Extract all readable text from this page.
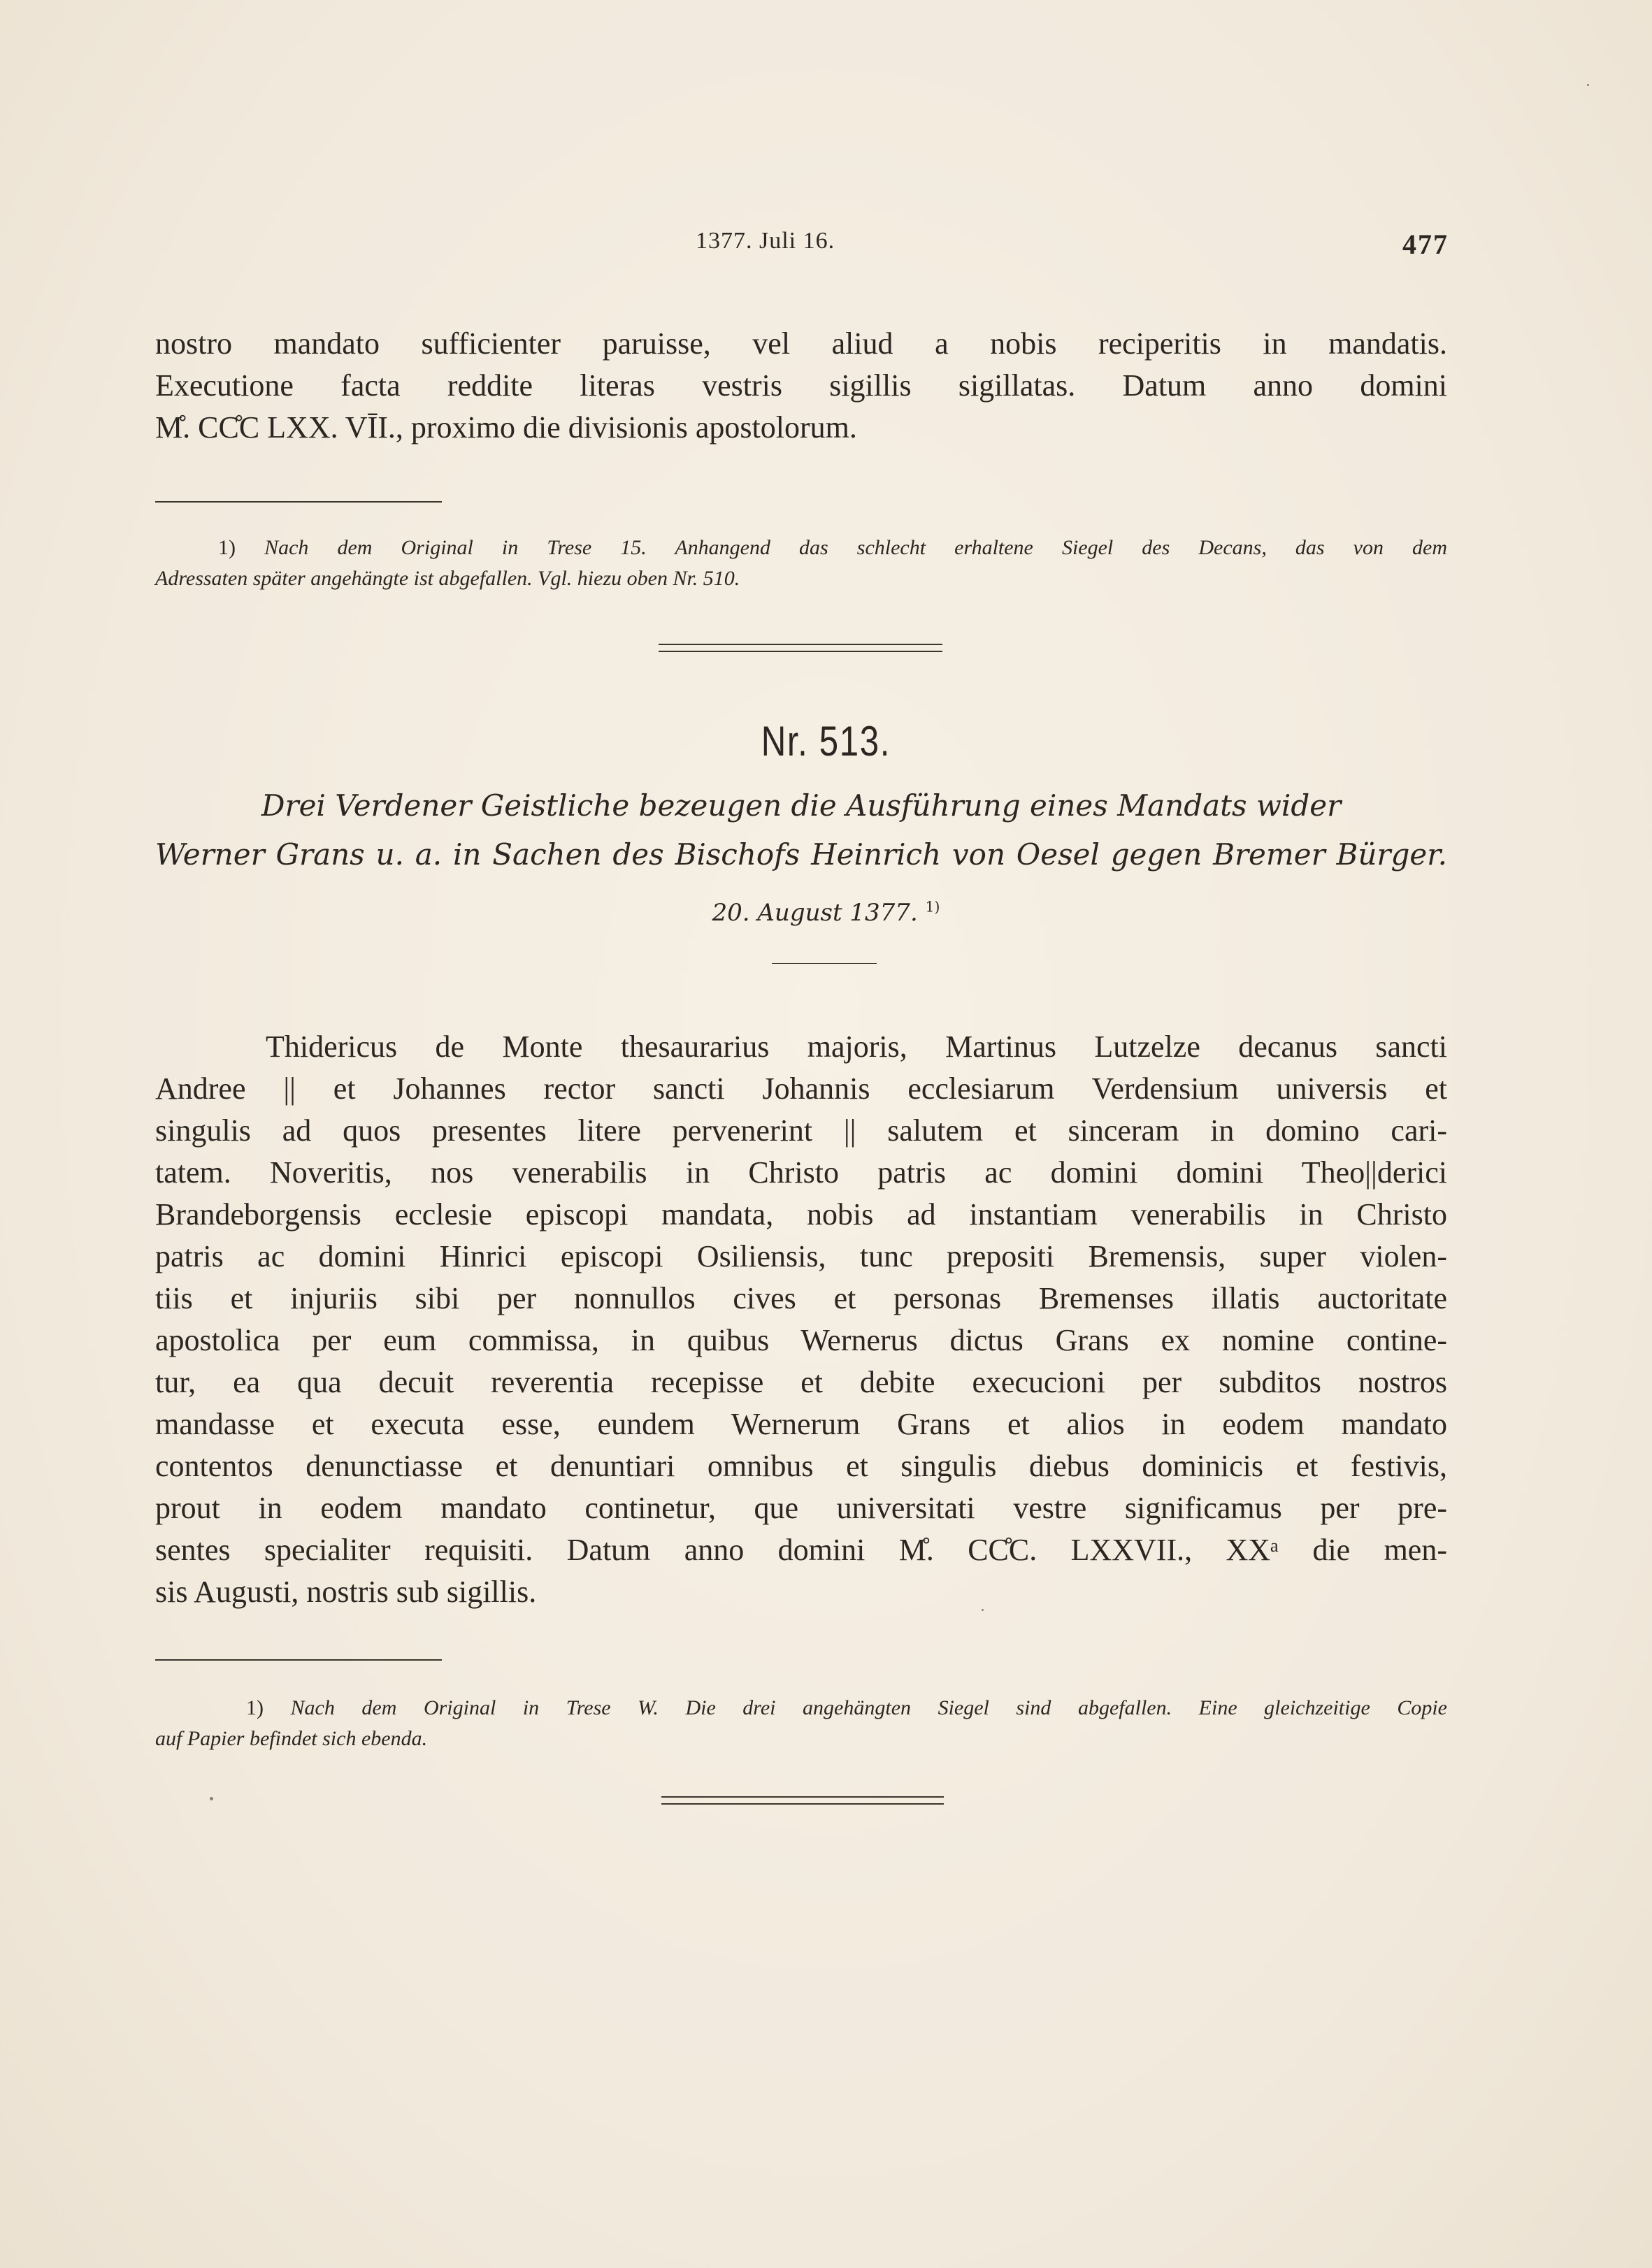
1377. Juli 16.	477
nostro mandato sufficienter paruisse, vel aliud a nobis reciperitis in mandatis.
Executione facta reddite literas vestris sigillis sigillatas. Datum anno domini
M̊. CC̊C LXX. VĪI., proximo die divisionis apostolorum.
1) Nach dem Original in Trese 15. Anhangend das schlecht erhaltene Siegel des Decans, das von dem
Adressaten später angehängte ist abgefallen. Vgl. hiezu oben Nr. 510.
Nr. 513.
Drei Verdener Geistliche bezeugen die Ausführung eines Mandats wider
Werner Grans u. a. in Sachen des Bischofs Heinrich von Oesel gegen Bremer Bürger.
20. August 1377. $^{1)}$
Thidericus de Monte thesaurarius majoris, Martinus Lutzelze decanus sancti
Andree || et Johannes rector sancti Johannis ecclesiarum Verdensium universis et
singulis ad quos presentes litere pervenerint || salutem et sinceram in domino cari-
tatem. Noveritis, nos venerabilis in Christo patris ac domini domini Theo||derici
Brandeborgensis ecclesie episcopi mandata, nobis ad instantiam venerabilis in Christo
patris ac domini Hinrici episcopi Osiliensis, tunc prepositi Bremensis, super violen-
tiis et injuriis sibi per nonnullos cives et personas Bremenses illatis auctoritate
apostolica per eum commissa, in quibus Wernerus dictus Grans ex nomine contine-
tur, ea qua decuit reverentia recepisse et debite execucioni per subditos nostros
mandasse et executa esse, eundem Wernerum Grans et alios in eodem mandato
contentos denunctiasse et denuntiari omnibus et singulis diebus dominicis et festivis,
prout in eodem mandato continetur, que universitati vestre significamus per pre-
sentes specialiter requisiti. Datum anno domini M̊. CC̊C. LXXVII., XXᵃ die men-
sis Augusti, nostris sub sigillis.
1) Nach dem Original in Trese W. Die drei angehängten Siegel sind abgefallen. Eine gleichzeitige Copie
auf Papier befindet sich ebenda.
